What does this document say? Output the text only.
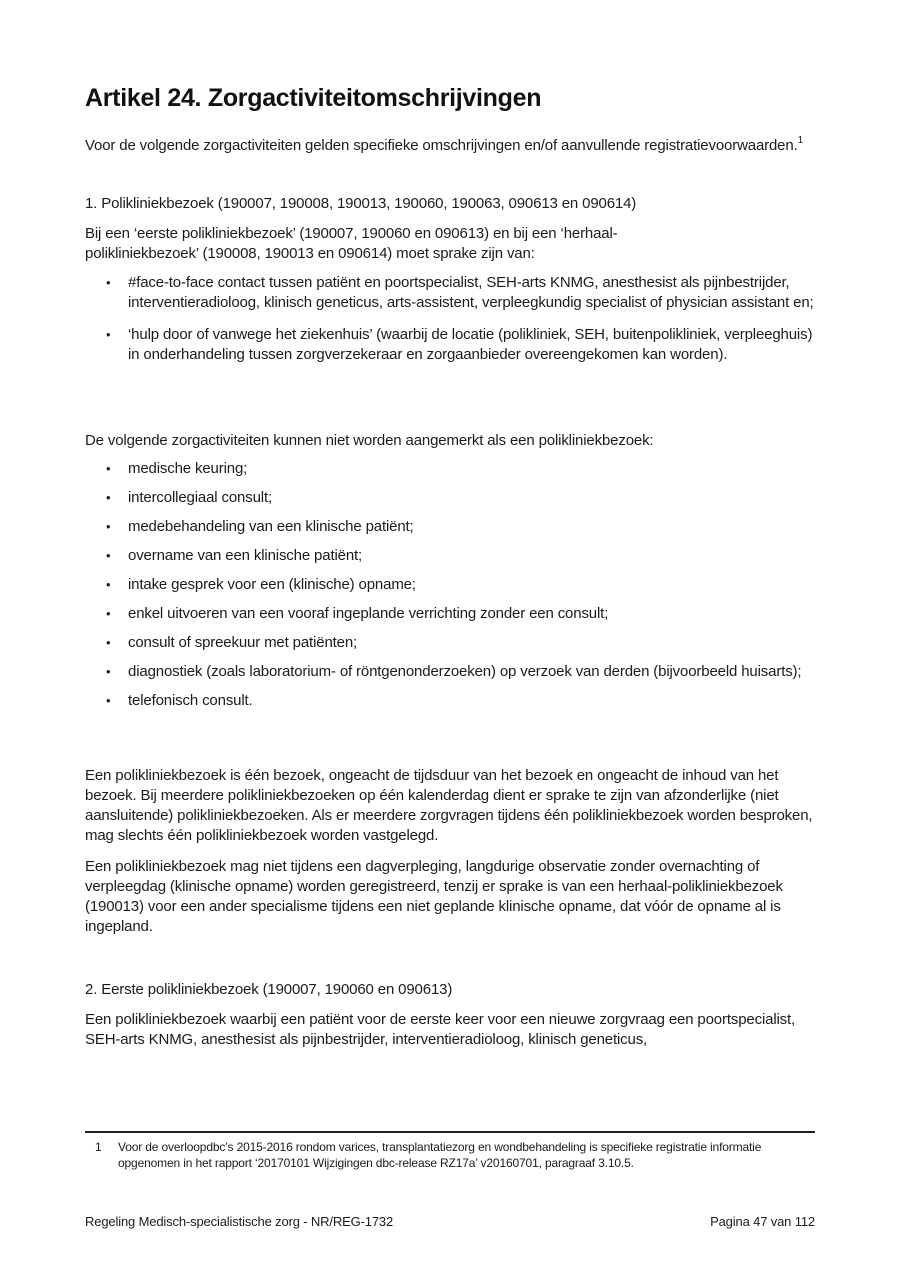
Artikel 24. Zorgactiviteitomschrijvingen

Voor de volgende zorgactiviteiten gelden specifieke omschrijvingen en/of aanvullende registratievoorwaarden.$^1$

1. Polikliniekbezoek (190007, 190008, 190013, 190060, 190063, 090613 en 090614)

Bij een ‘eerste polikliniekbezoek’ (190007, 190060 en 090613) en bij een ‘herhaal-polikliniekbezoek’ (190008, 190013 en 090614) moet sprake zijn van:

•	#face-to-face contact tussen patiënt en poortspecialist, SEH-arts KNMG, anesthesist als pijnbestrijder, interventieradioloog, klinisch geneticus, arts-assistent, verpleegkundig specialist of physician assistant en;
•	‘hulp door of vanwege het ziekenhuis’ (waarbij de locatie (polikliniek, SEH, buitenpolikliniek, verpleeghuis) in onderhandeling tussen zorgverzekeraar en zorgaanbieder overeengekomen kan worden).

De volgende zorgactiviteiten kunnen niet worden aangemerkt als een polikliniekbezoek:

•	medische keuring;
•	intercollegiaal consult;
•	medebehandeling van een klinische patiënt;
•	overname van een klinische patiënt;
•	intake gesprek voor een (klinische) opname;
•	enkel uitvoeren van een vooraf ingeplande verrichting zonder een consult;
•	consult of spreekuur met patiënten;
•	diagnostiek (zoals laboratorium- of röntgenonderzoeken) op verzoek van derden (bijvoorbeeld huisarts);
•	telefonisch consult.

Een polikliniekbezoek is één bezoek, ongeacht de tijdsduur van het bezoek en ongeacht de inhoud van het bezoek. Bij meerdere polikliniekbezoeken op één kalenderdag dient er sprake te zijn van afzonderlijke (niet aansluitende) polikliniekbezoeken. Als er meerdere zorgvragen tijdens één polikliniekbezoek worden besproken, mag slechts één polikliniekbezoek worden vastgelegd.

Een polikliniekbezoek mag niet tijdens een dagverpleging, langdurige observatie zonder overnachting of verpleegdag (klinische opname) worden geregistreerd, tenzij er sprake is van een herhaal-polikliniekbezoek (190013) voor een ander specialisme tijdens een niet geplande klinische opname, dat vóór de opname al is ingepland.

2. Eerste polikliniekbezoek (190007, 190060 en 090613)

Een polikliniekbezoek waarbij een patiënt voor de eerste keer voor een nieuwe zorgvraag een poortspecialist, SEH-arts KNMG, anesthesist als pijnbestrijder, interventieradioloog, klinisch geneticus,

1	Voor de overloopdbc’s 2015-2016 rondom varices, transplantatiezorg en wondbehandeling is specifieke registratie informatie opgenomen in het rapport ‘20170101 Wijzigingen dbc-release RZ17a’ v20160701, paragraaf 3.10.5.
Regeling Medisch-specialistische zorg - NR/REG-1732	Pagina 47 van 112
